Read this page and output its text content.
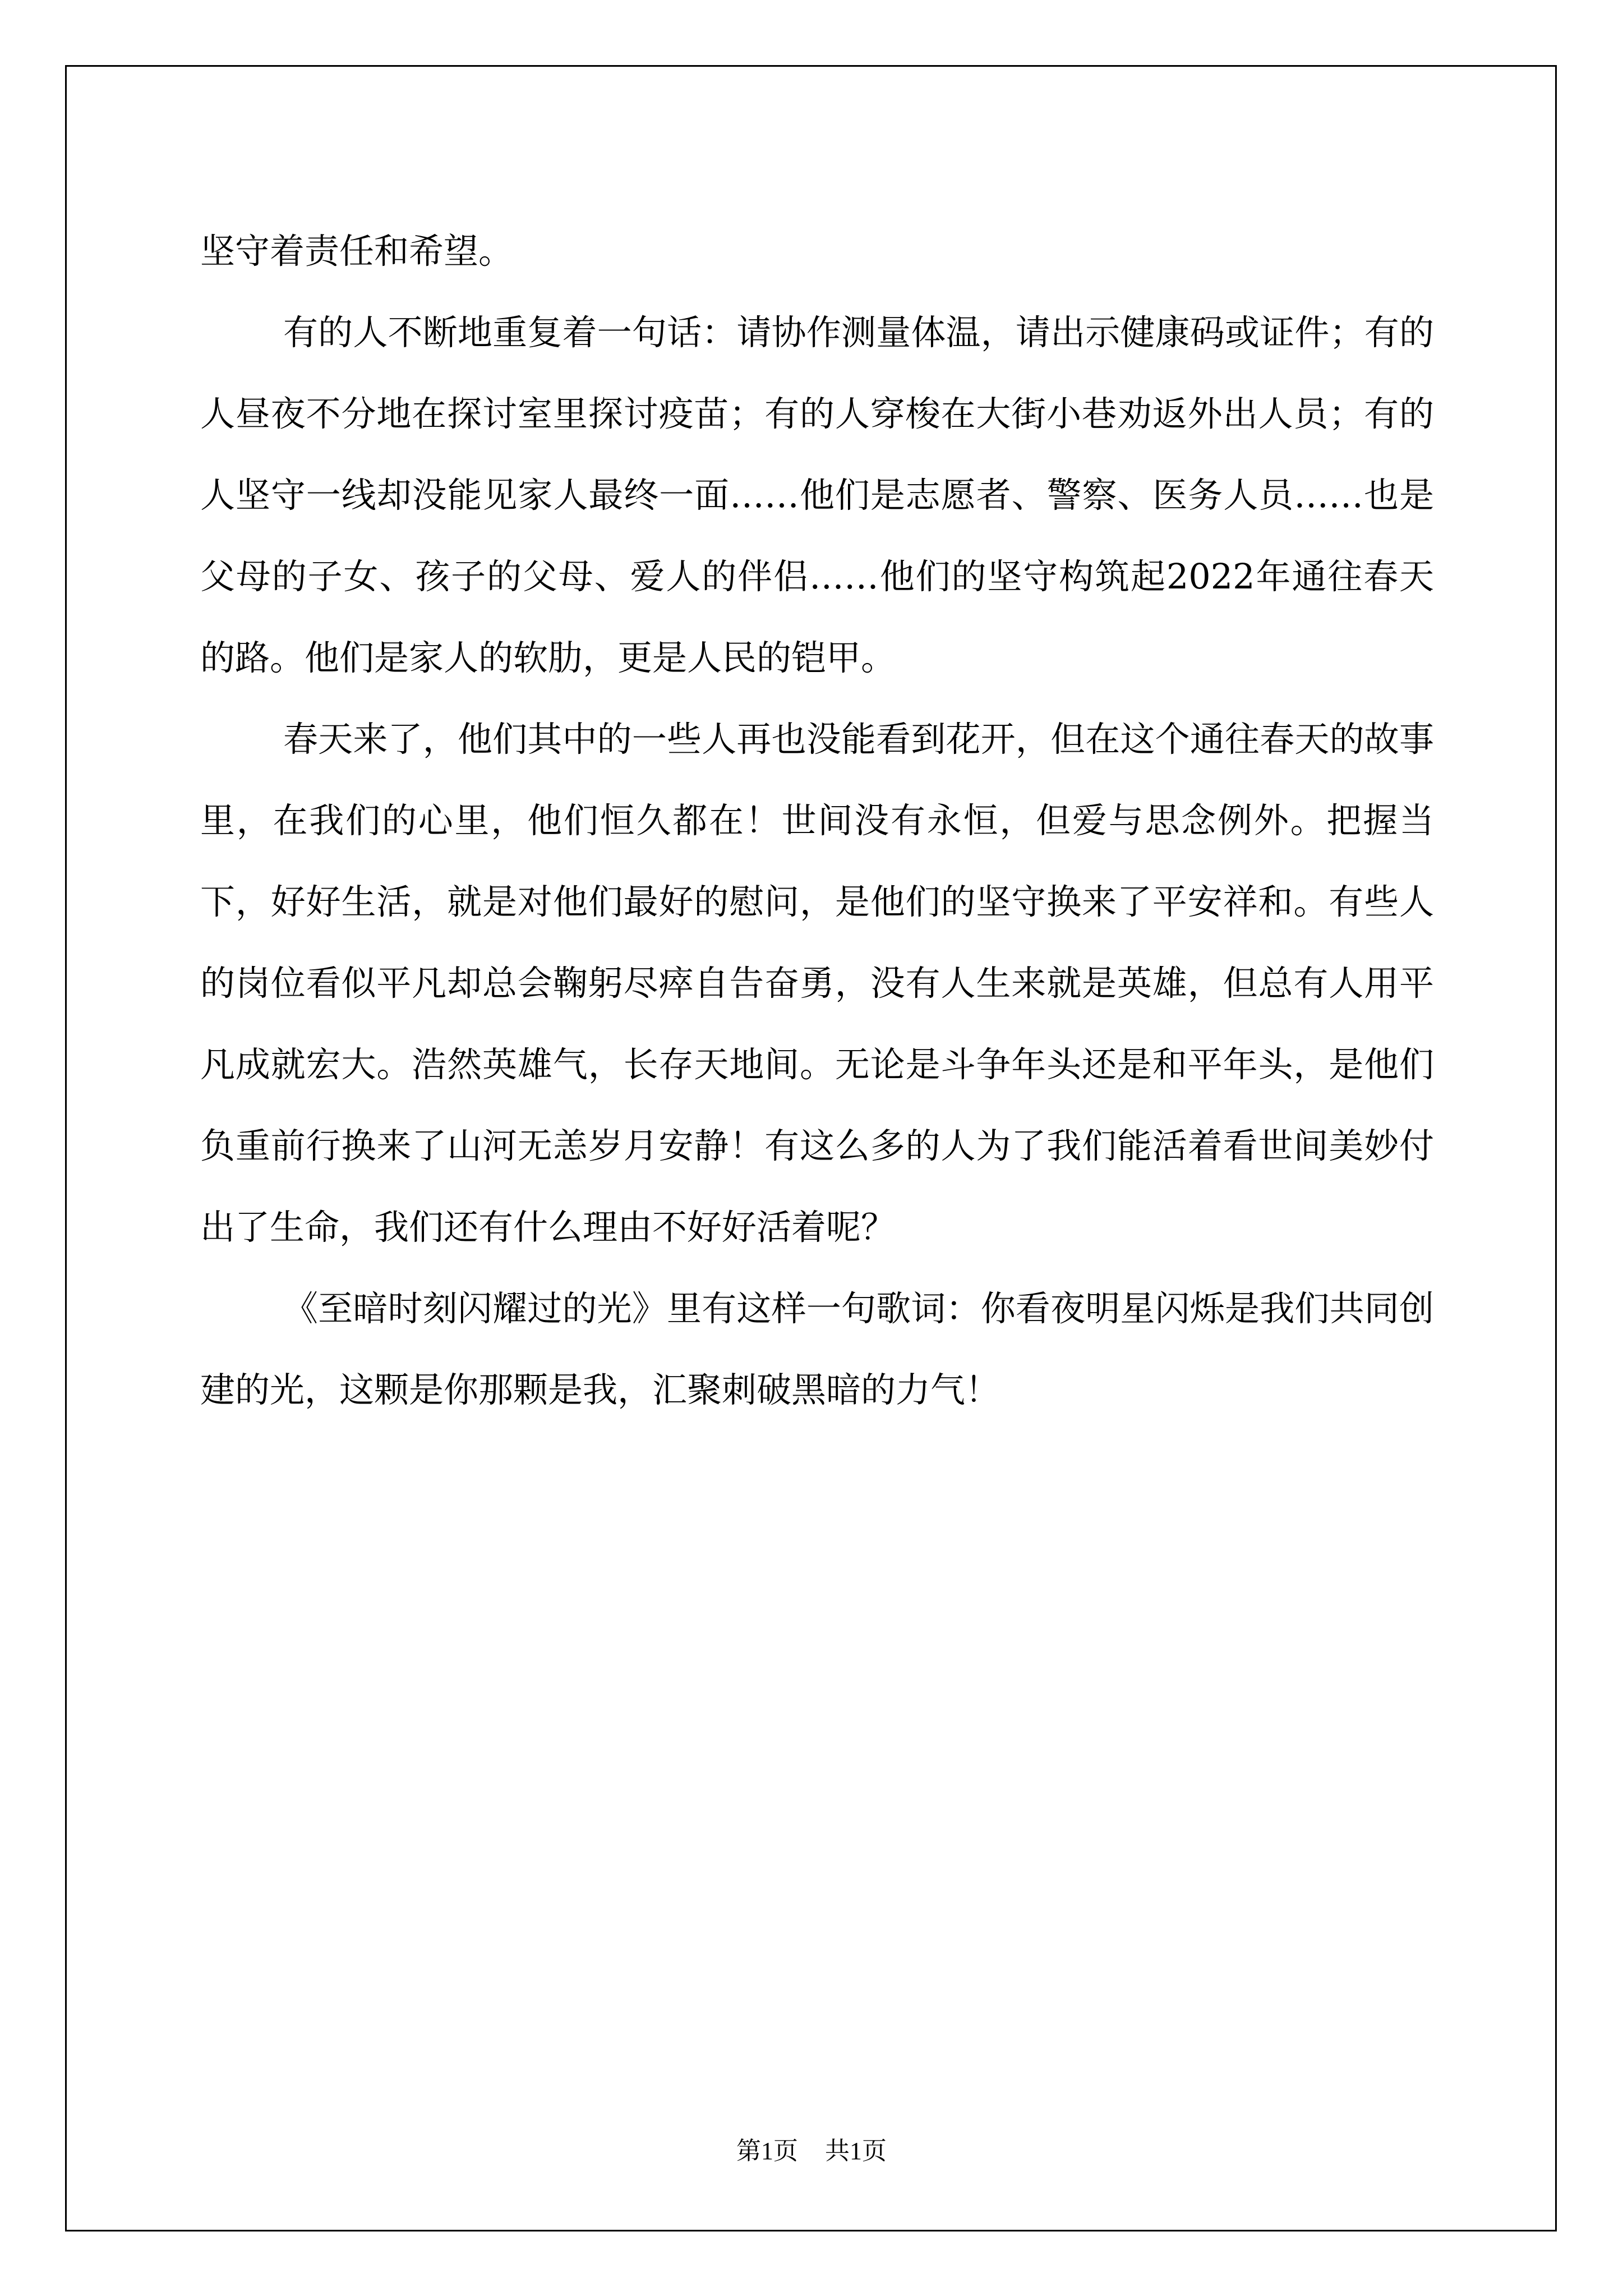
坚守着责任和希望。

有的人不断地重复着一句话：请协作测量体温，请出示健康码或证件；有的人昼夜不分地在探讨室里探讨疫苗；有的人穿梭在大街小巷劝返外出人员；有的人坚守一线却没能见家人最终一面……他们是志愿者、警察、医务人员……也是父母的子女、孩子的父母、爱人的伴侣……他们的坚守构筑起2022年通往春天的路。他们是家人的软肋，更是人民的铠甲。

春天来了，他们其中的一些人再也没能看到花开，但在这个通往春天的故事里，在我们的心里，他们恒久都在！世间没有永恒，但爱与思念例外。把握当下，好好生活，就是对他们最好的慰问，是他们的坚守换来了平安祥和。有些人的岗位看似平凡却总会鞠躬尽瘁自告奋勇，没有人生来就是英雄，但总有人用平凡成就宏大。浩然英雄气，长存天地间。无论是斗争年头还是和平年头，是他们负重前行换来了山河无恙岁月安静！有这么多的人为了我们能活着看世间美妙付出了生命，我们还有什么理由不好好活着呢？

《至暗时刻闪耀过的光》里有这样一句歌词：你看夜明星闪烁是我们共同创建的光，这颗是你那颗是我，汇聚刺破黑暗的力气！

第1页 共1页
